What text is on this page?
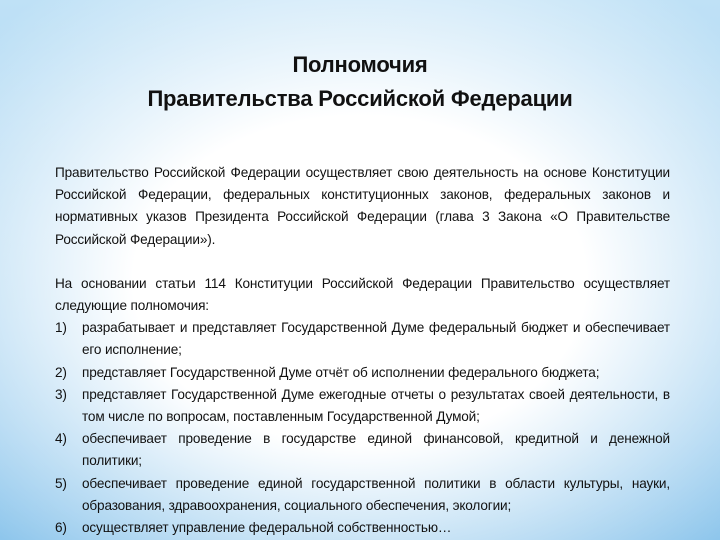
Полномочия
Правительства Российской Федерации

Правительство Российской Федерации осуществляет свою деятельность на основе Конституции Российской Федерации, федеральных конституционных законов, федеральных законов и нормативных указов Президента Российской Федерации (глава 3 Закона «О Правительстве Российской Федерации»).

На основании статьи 114 Конституции Российской Федерации Правительство осуществляет следующие полномочия:

1) разрабатывает и представляет Государственной Думе федеральный бюджет и обеспечивает его исполнение;
2) представляет Государственной Думе отчёт об исполнении федерального бюджета;
3) представляет Государственной Думе ежегодные отчеты о результатах своей деятельности, в том числе по вопросам, поставленным Государственной Думой;
4) обеспечивает проведение в государстве единой финансовой, кредитной и денежной политики;
5) обеспечивает проведение единой государственной политики в области культуры, науки, образования, здравоохранения, социального обеспечения, экологии;
6) осуществляет управление федеральной собственностью…
